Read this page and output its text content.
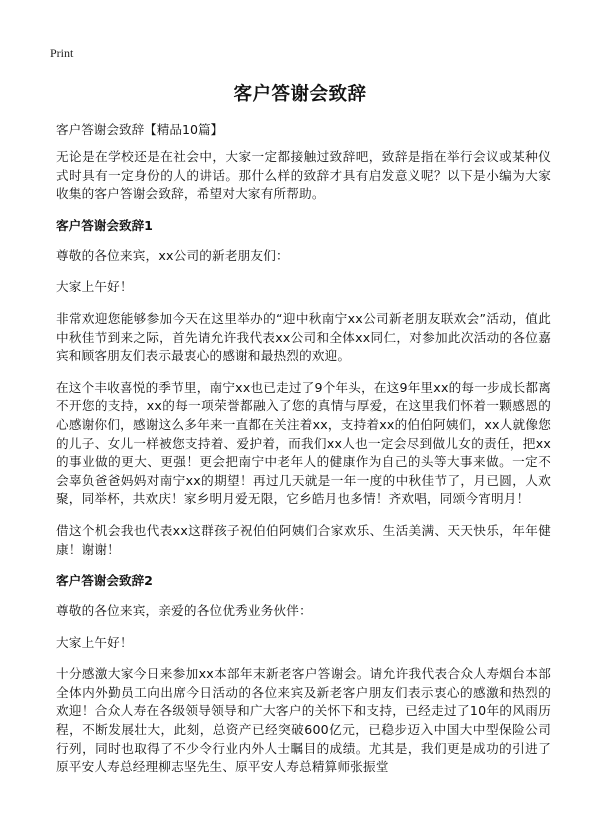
Print
客户答谢会致辞
客户答谢会致辞【精品10篇】

无论是在学校还是在社会中，大家一定都接触过致辞吧，致辞是指在举行会议或某种仪式时具有一定身份的人的讲话。那什么样的致辞才具有启发意义呢？以下是小编为大家收集的客户答谢会致辞，希望对大家有所帮助。

客户答谢会致辞1

尊敬的各位来宾，xx公司的新老朋友们：

大家上午好！

非常欢迎您能够参加今天在这里举办的“迎中秋南宁xx公司新老朋友联欢会”活动，值此中秋佳节到来之际，首先请允许我代表xx公司和全体xx同仁，对参加此次活动的各位嘉宾和顾客朋友们表示最衷心的感谢和最热烈的欢迎。

在这个丰收喜悦的季节里，南宁xx也已走过了9个年头，在这9年里xx的每一步成长都离不开您的支持，xx的每一项荣誉都融入了您的真情与厚爱，在这里我们怀着一颗感恩的心感谢你们，感谢这么多年来一直都在关注着xx，支持着xx的伯伯阿姨们，xx人就像您的儿子、女儿一样被您支持着、爱护着，而我们xx人也一定会尽到做儿女的责任，把xx的事业做的更大、更强！更会把南宁中老年人的健康作为自己的头等大事来做。一定不会辜负爸爸妈妈对南宁xx的期望！再过几天就是一年一度的中秋佳节了，月已圆，人欢聚，同举杯，共欢庆！家乡明月爱无限，它乡皓月也多情！齐欢唱，同颂今宵明月！

借这个机会我也代表xx这群孩子祝伯伯阿姨们合家欢乐、生活美满、天天快乐，年年健康！谢谢！

客户答谢会致辞2

尊敬的各位来宾，亲爱的各位优秀业务伙伴：

大家上午好！

十分感激大家今日来参加xx本部年末新老客户答谢会。请允许我代表合众人寿烟台本部全体内外勤员工向出席今日活动的各位来宾及新老客户朋友们表示衷心的感激和热烈的欢迎！合众人寿在各级领导领导和广大客户的关怀下和支持，已经走过了10年的风雨历程，不断发展壮大，此刻，总资产已经突破600亿元，已稳步迈入中国大中型保险公司行列，同时也取得了不少令行业内外人士瞩目的成绩。尤其是，我们更是成功的引进了原平安人寿总经理柳志坚先生、原平安人寿总精算师张振堂
